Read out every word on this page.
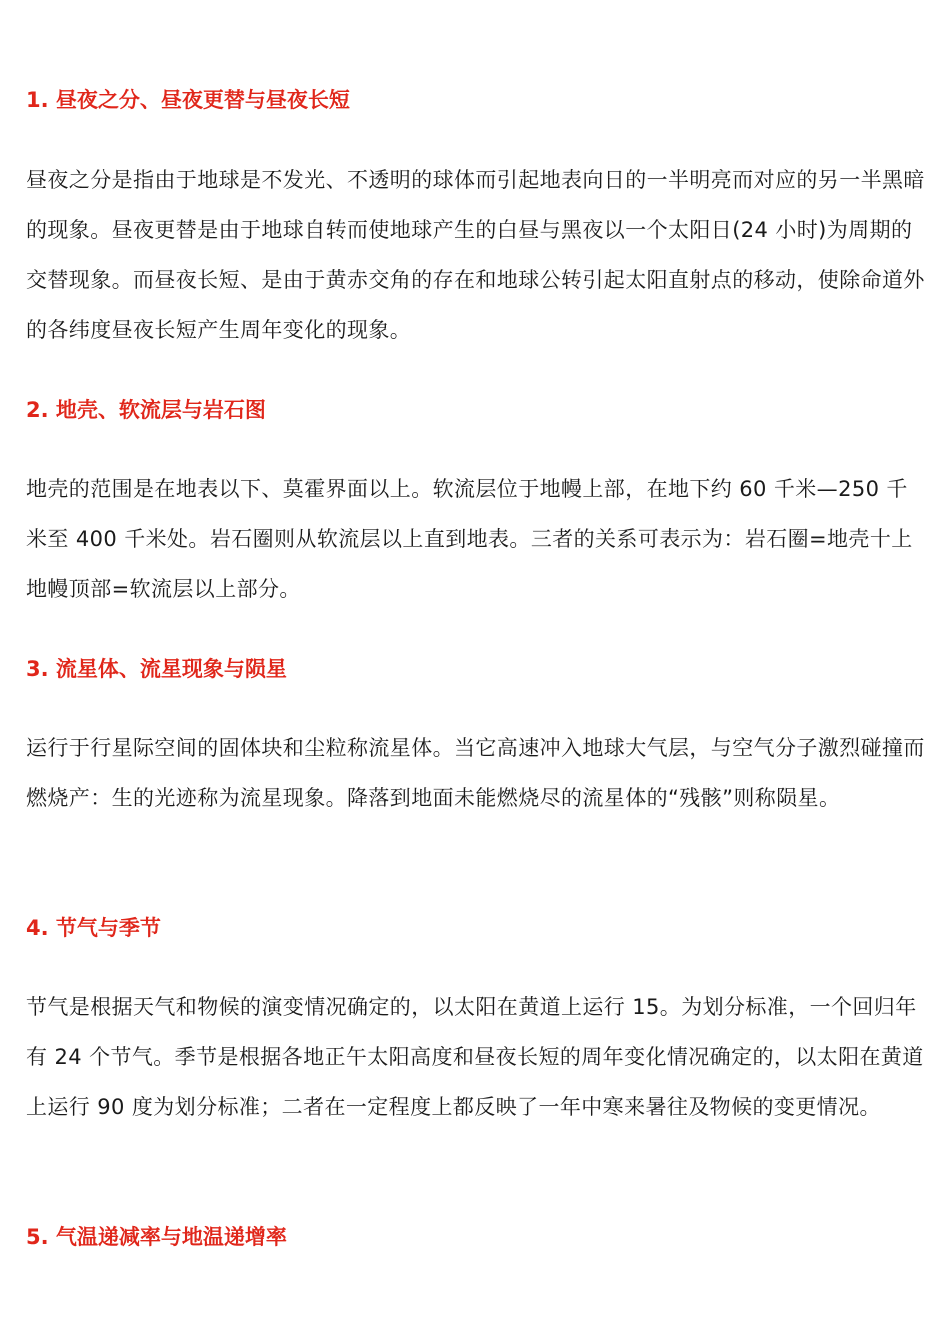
1. 昼夜之分、昼夜更替与昼夜长短

昼夜之分是指由于地球是不发光、不透明的球体而引起地表向日的一半明亮而对应的另一半黑暗的现象。昼夜更替是由于地球自转而使地球产生的白昼与黑夜以一个太阳日(24 小时)为周期的交替现象。而昼夜长短、是由于黄赤交角的存在和地球公转引起太阳直射点的移动，使除命道外的各纬度昼夜长短产生周年变化的现象。

2. 地壳、软流层与岩石图

地壳的范围是在地表以下、莫霍界面以上。软流层位于地幔上部，在地下约 60 千米—250 千米至 400 千米处。岩石圈则从软流层以上直到地表。三者的关系可表示为：岩石圈=地壳十上地幔顶部=软流层以上部分。

3. 流星体、流星现象与陨星

运行于行星际空间的固体块和尘粒称流星体。当它高速冲入地球大气层，与空气分子激烈碰撞而燃烧产：生的光迹称为流星现象。降落到地面未能燃烧尽的流星体的“残骸”则称陨星。

4. 节气与季节

节气是根据天气和物候的演变情况确定的，以太阳在黄道上运行 15。为划分标准，一个回归年有 24 个节气。季节是根据各地正午太阳高度和昼夜长短的周年变化情况确定的，以太阳在黄道上运行 90 度为划分标准；二者在一定程度上都反映了一年中寒来暑往及物候的变更情况。

5. 气温递减率与地温递增率
